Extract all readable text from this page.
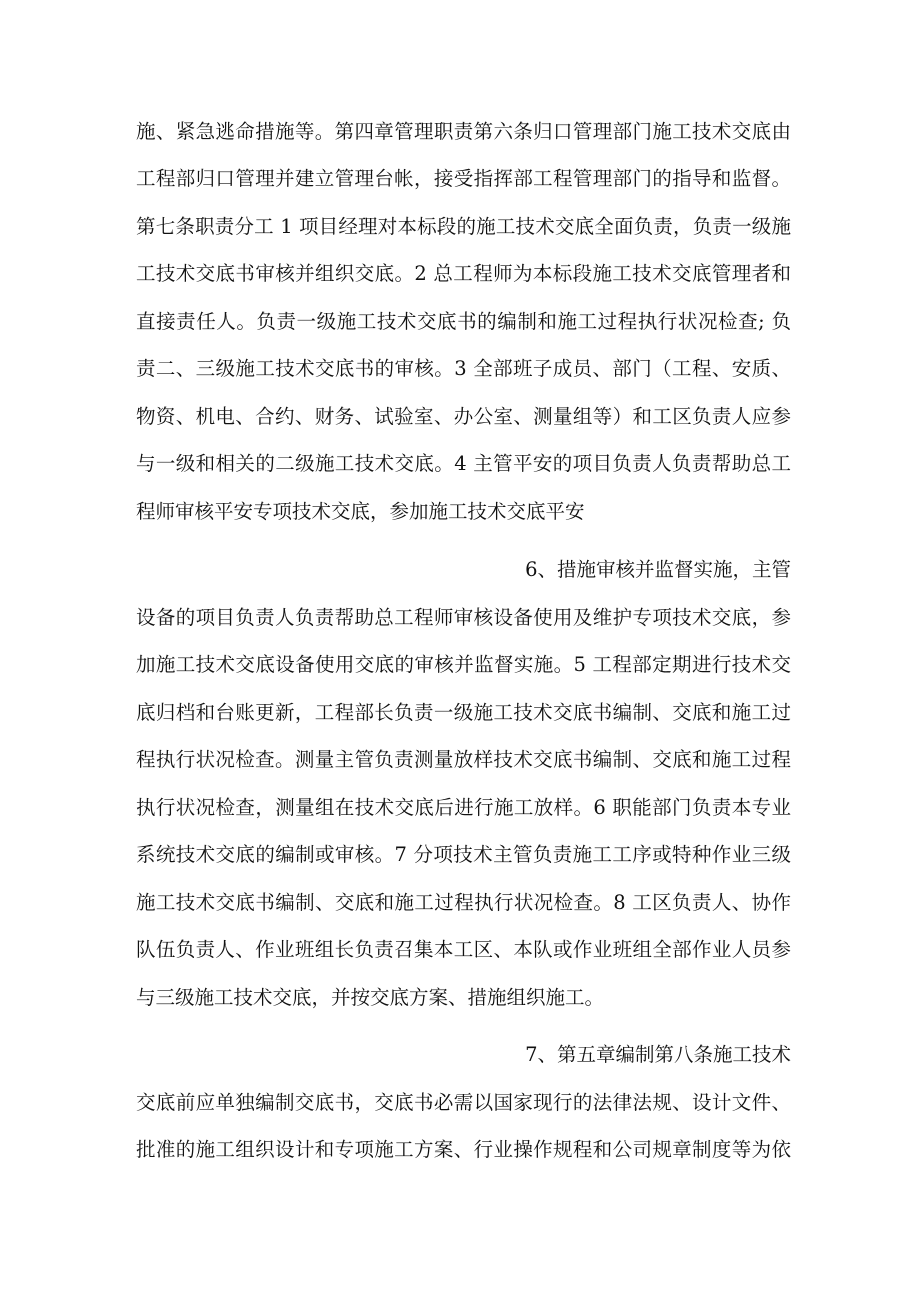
施、紧急逃命措施等。第四章管理职责第六条归口管理部门施工技术交底由
工程部归口管理并建立管理台帐，接受指挥部工程管理部门的指导和监督。
第七条职责分工 1 项目经理对本标段的施工技术交底全面负责，负责一级施
工技术交底书审核并组织交底。2 总工程师为本标段施工技术交底管理者和
直接责任人。负责一级施工技术交底书的编制和施工过程执行状况检查; 负
责二、三级施工技术交底书的审核。3 全部班子成员、部门（工程、安质、
物资、机电、合约、财务、试验室、办公室、测量组等）和工区负责人应参
与一级和相关的二级施工技术交底。4 主管平安的项目负责人负责帮助总工
程师审核平安专项技术交底，参加施工技术交底平安
6、措施审核并监督实施，主管
设备的项目负责人负责帮助总工程师审核设备使用及维护专项技术交底，参
加施工技术交底设备使用交底的审核并监督实施。5 工程部定期进行技术交
底归档和台账更新，工程部长负责一级施工技术交底书编制、交底和施工过
程执行状况检查。测量主管负责测量放样技术交底书编制、交底和施工过程
执行状况检查，测量组在技术交底后进行施工放样。6 职能部门负责本专业
系统技术交底的编制或审核。7 分项技术主管负责施工工序或特种作业三级
施工技术交底书编制、交底和施工过程执行状况检查。8 工区负责人、协作
队伍负责人、作业班组长负责召集本工区、本队或作业班组全部作业人员参
与三级施工技术交底，并按交底方案、措施组织施工。
7、第五章编制第八条施工技术
交底前应单独编制交底书，交底书必需以国家现行的法律法规、设计文件、
批准的施工组织设计和专项施工方案、行业操作规程和公司规章制度等为依
